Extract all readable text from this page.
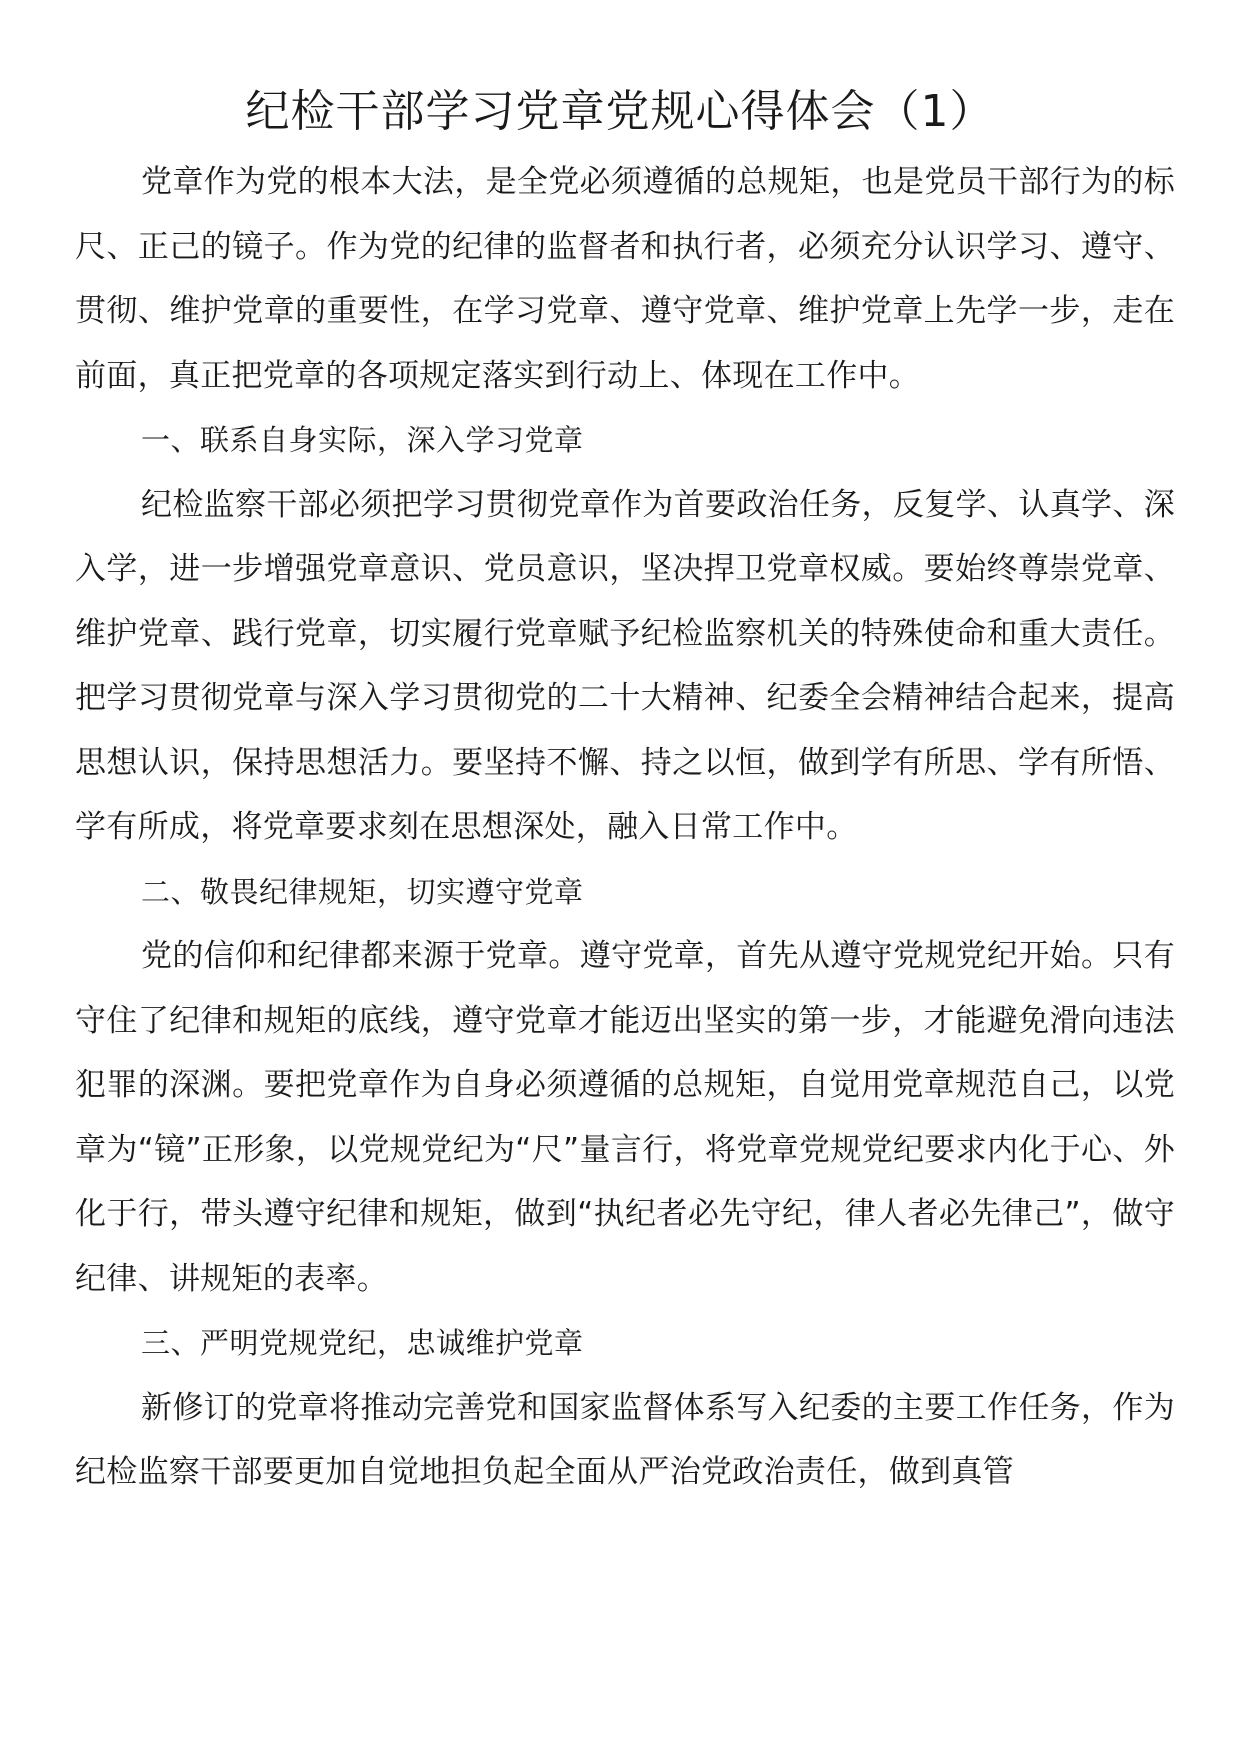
纪检干部学习党章党规心得体会（1）

党章作为党的根本大法，是全党必须遵循的总规矩，也是党员干部行为的标尺、正己的镜子。作为党的纪律的监督者和执行者，必须充分认识学习、遵守、贯彻、维护党章的重要性，在学习党章、遵守党章、维护党章上先学一步，走在前面，真正把党章的各项规定落实到行动上、体现在工作中。

一、联系自身实际，深入学习党章

纪检监察干部必须把学习贯彻党章作为首要政治任务，反复学、认真学、深入学，进一步增强党章意识、党员意识，坚决捍卫党章权威。要始终尊崇党章、维护党章、践行党章，切实履行党章赋予纪检监察机关的特殊使命和重大责任。把学习贯彻党章与深入学习贯彻党的二十大精神、纪委全会精神结合起来，提高思想认识，保持思想活力。要坚持不懈、持之以恒，做到学有所思、学有所悟、学有所成，将党章要求刻在思想深处，融入日常工作中。

二、敬畏纪律规矩，切实遵守党章

党的信仰和纪律都来源于党章。遵守党章，首先从遵守党规党纪开始。只有守住了纪律和规矩的底线，遵守党章才能迈出坚实的第一步，才能避免滑向违法犯罪的深渊。要把党章作为自身必须遵循的总规矩，自觉用党章规范自己，以党章为“镜”正形象，以党规党纪为“尺”量言行，将党章党规党纪要求内化于心、外化于行，带头遵守纪律和规矩，做到“执纪者必先守纪，律人者必先律己”，做守纪律、讲规矩的表率。

三、严明党规党纪，忠诚维护党章

新修订的党章将推动完善党和国家监督体系写入纪委的主要工作任务，作为纪检监察干部要更加自觉地担负起全面从严治党政治责任，做到真管
